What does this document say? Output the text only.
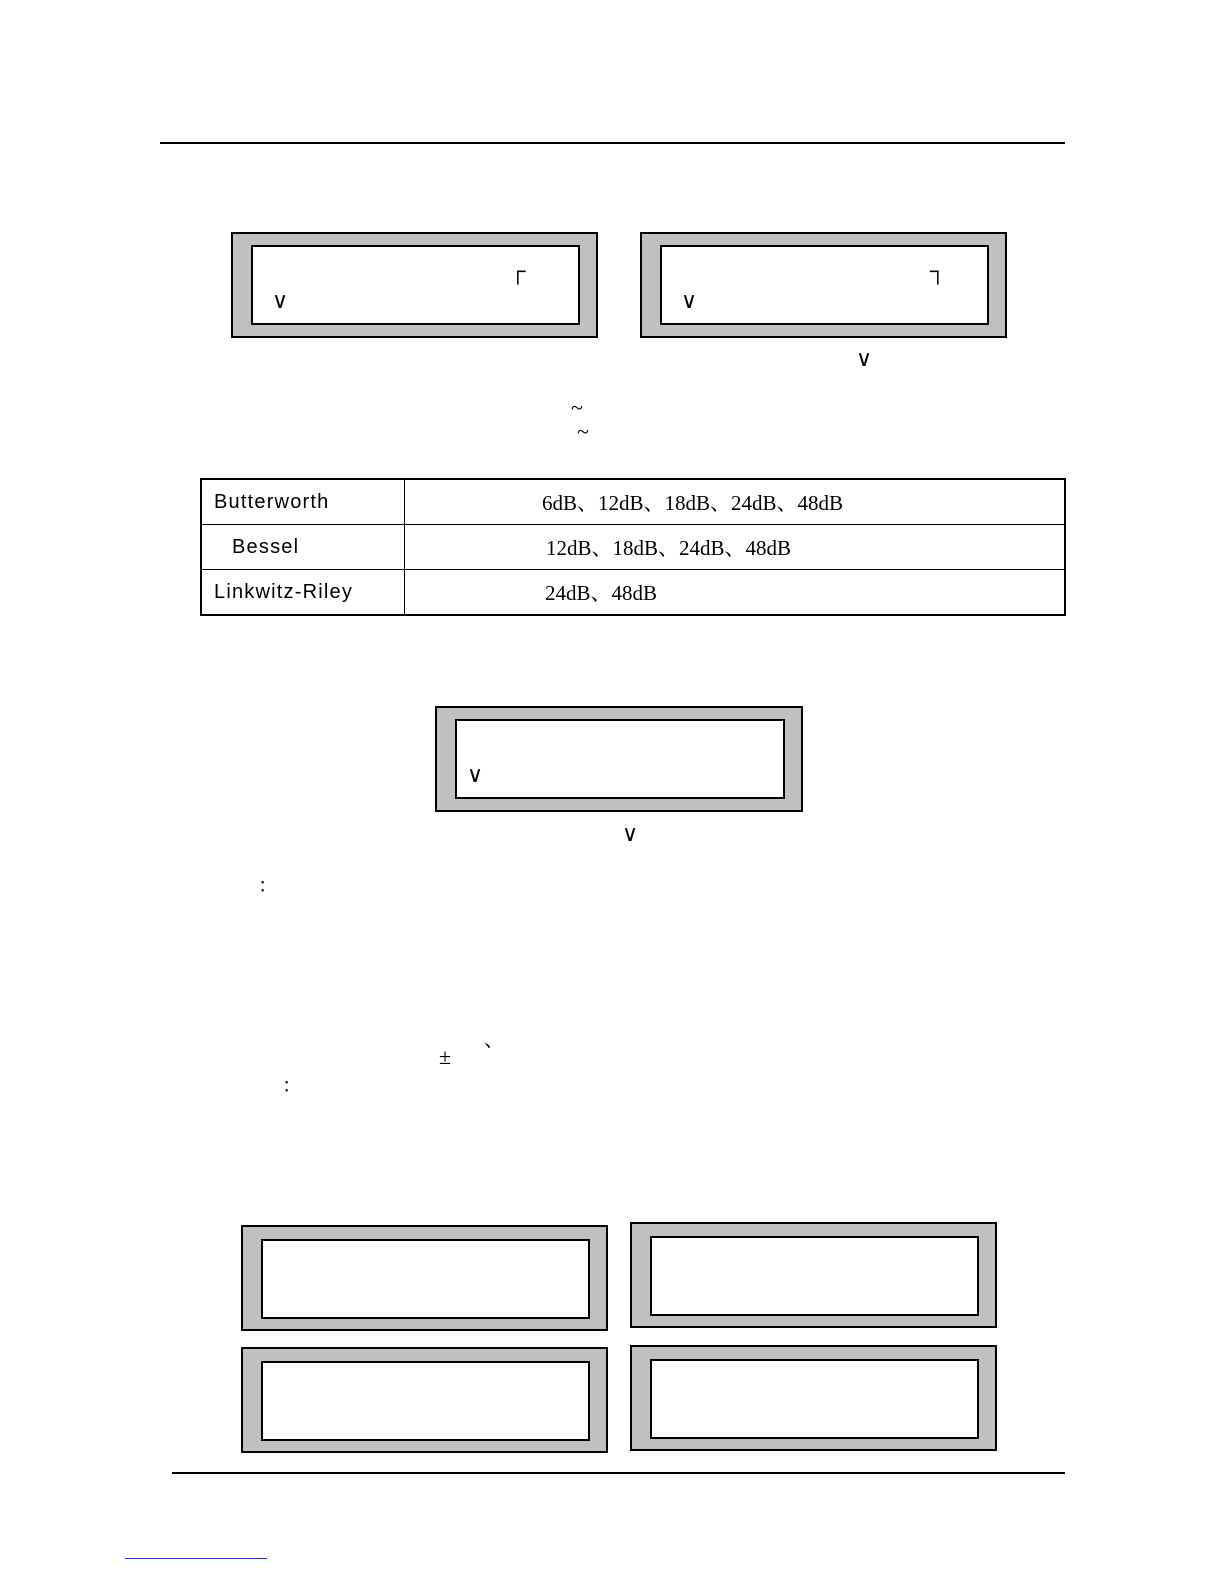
┌
∨
┐
∨
∨
~
~
Butterworth	6dB、12dB、18dB、24dB、48dB
Bessel	12dB、18dB、24dB、48dB
Linkwitz-Riley	24dB、48dB
∨
∨
：
、
±
：
